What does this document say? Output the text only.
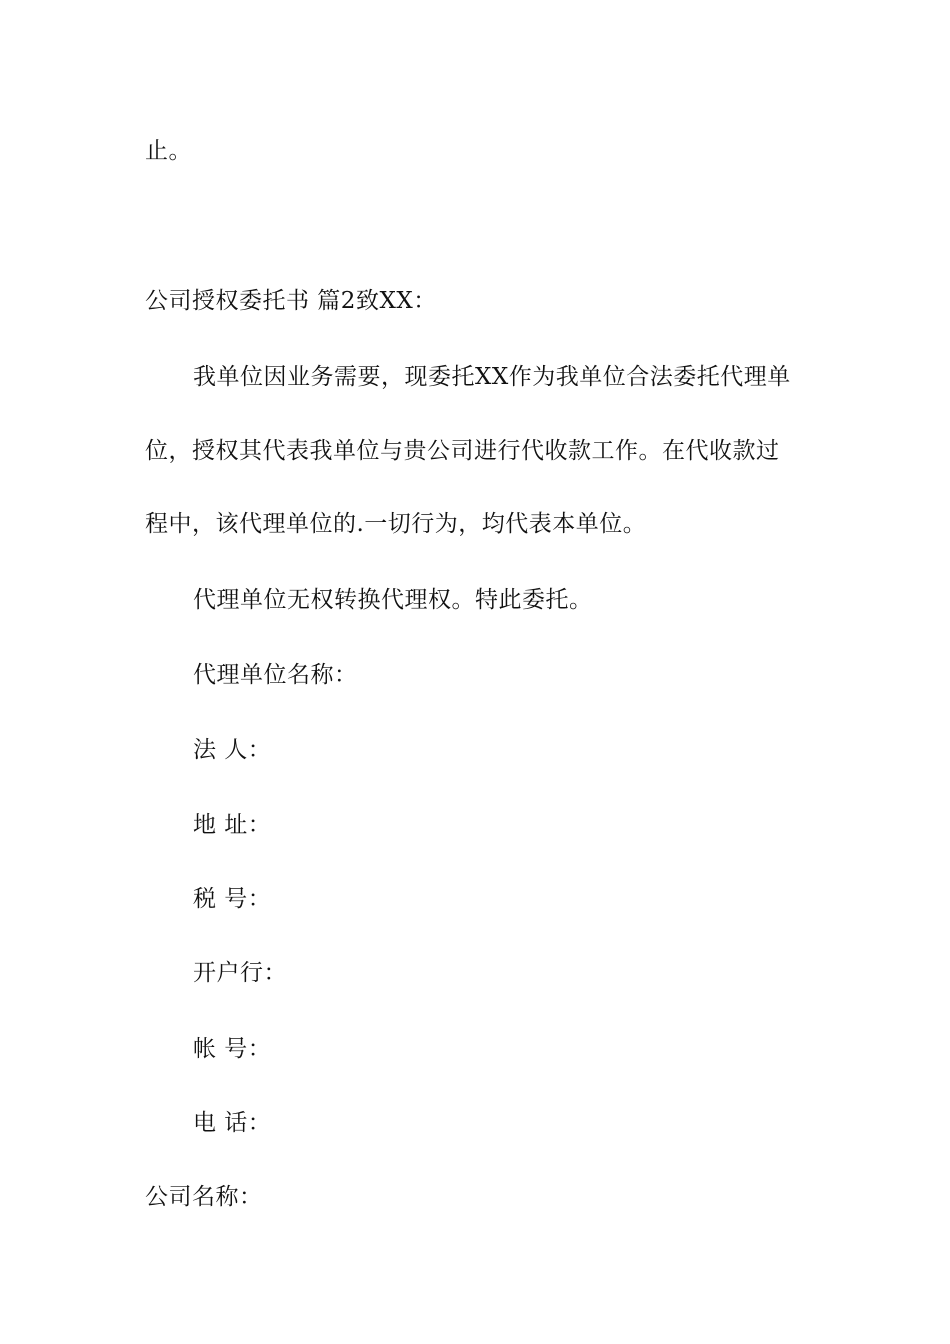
止。
公司授权委托书 篇2致XX：
我单位因业务需要，现委托XX作为我单位合法委托代理单
位，授权其代表我单位与贵公司进行代收款工作。在代收款过
程中，该代理单位的.一切行为，均代表本单位。
代理单位无权转换代理权。特此委托。
代理单位名称：
法 人：
地 址：
税 号：
开户行：
帐 号：
电 话：
公司名称：
